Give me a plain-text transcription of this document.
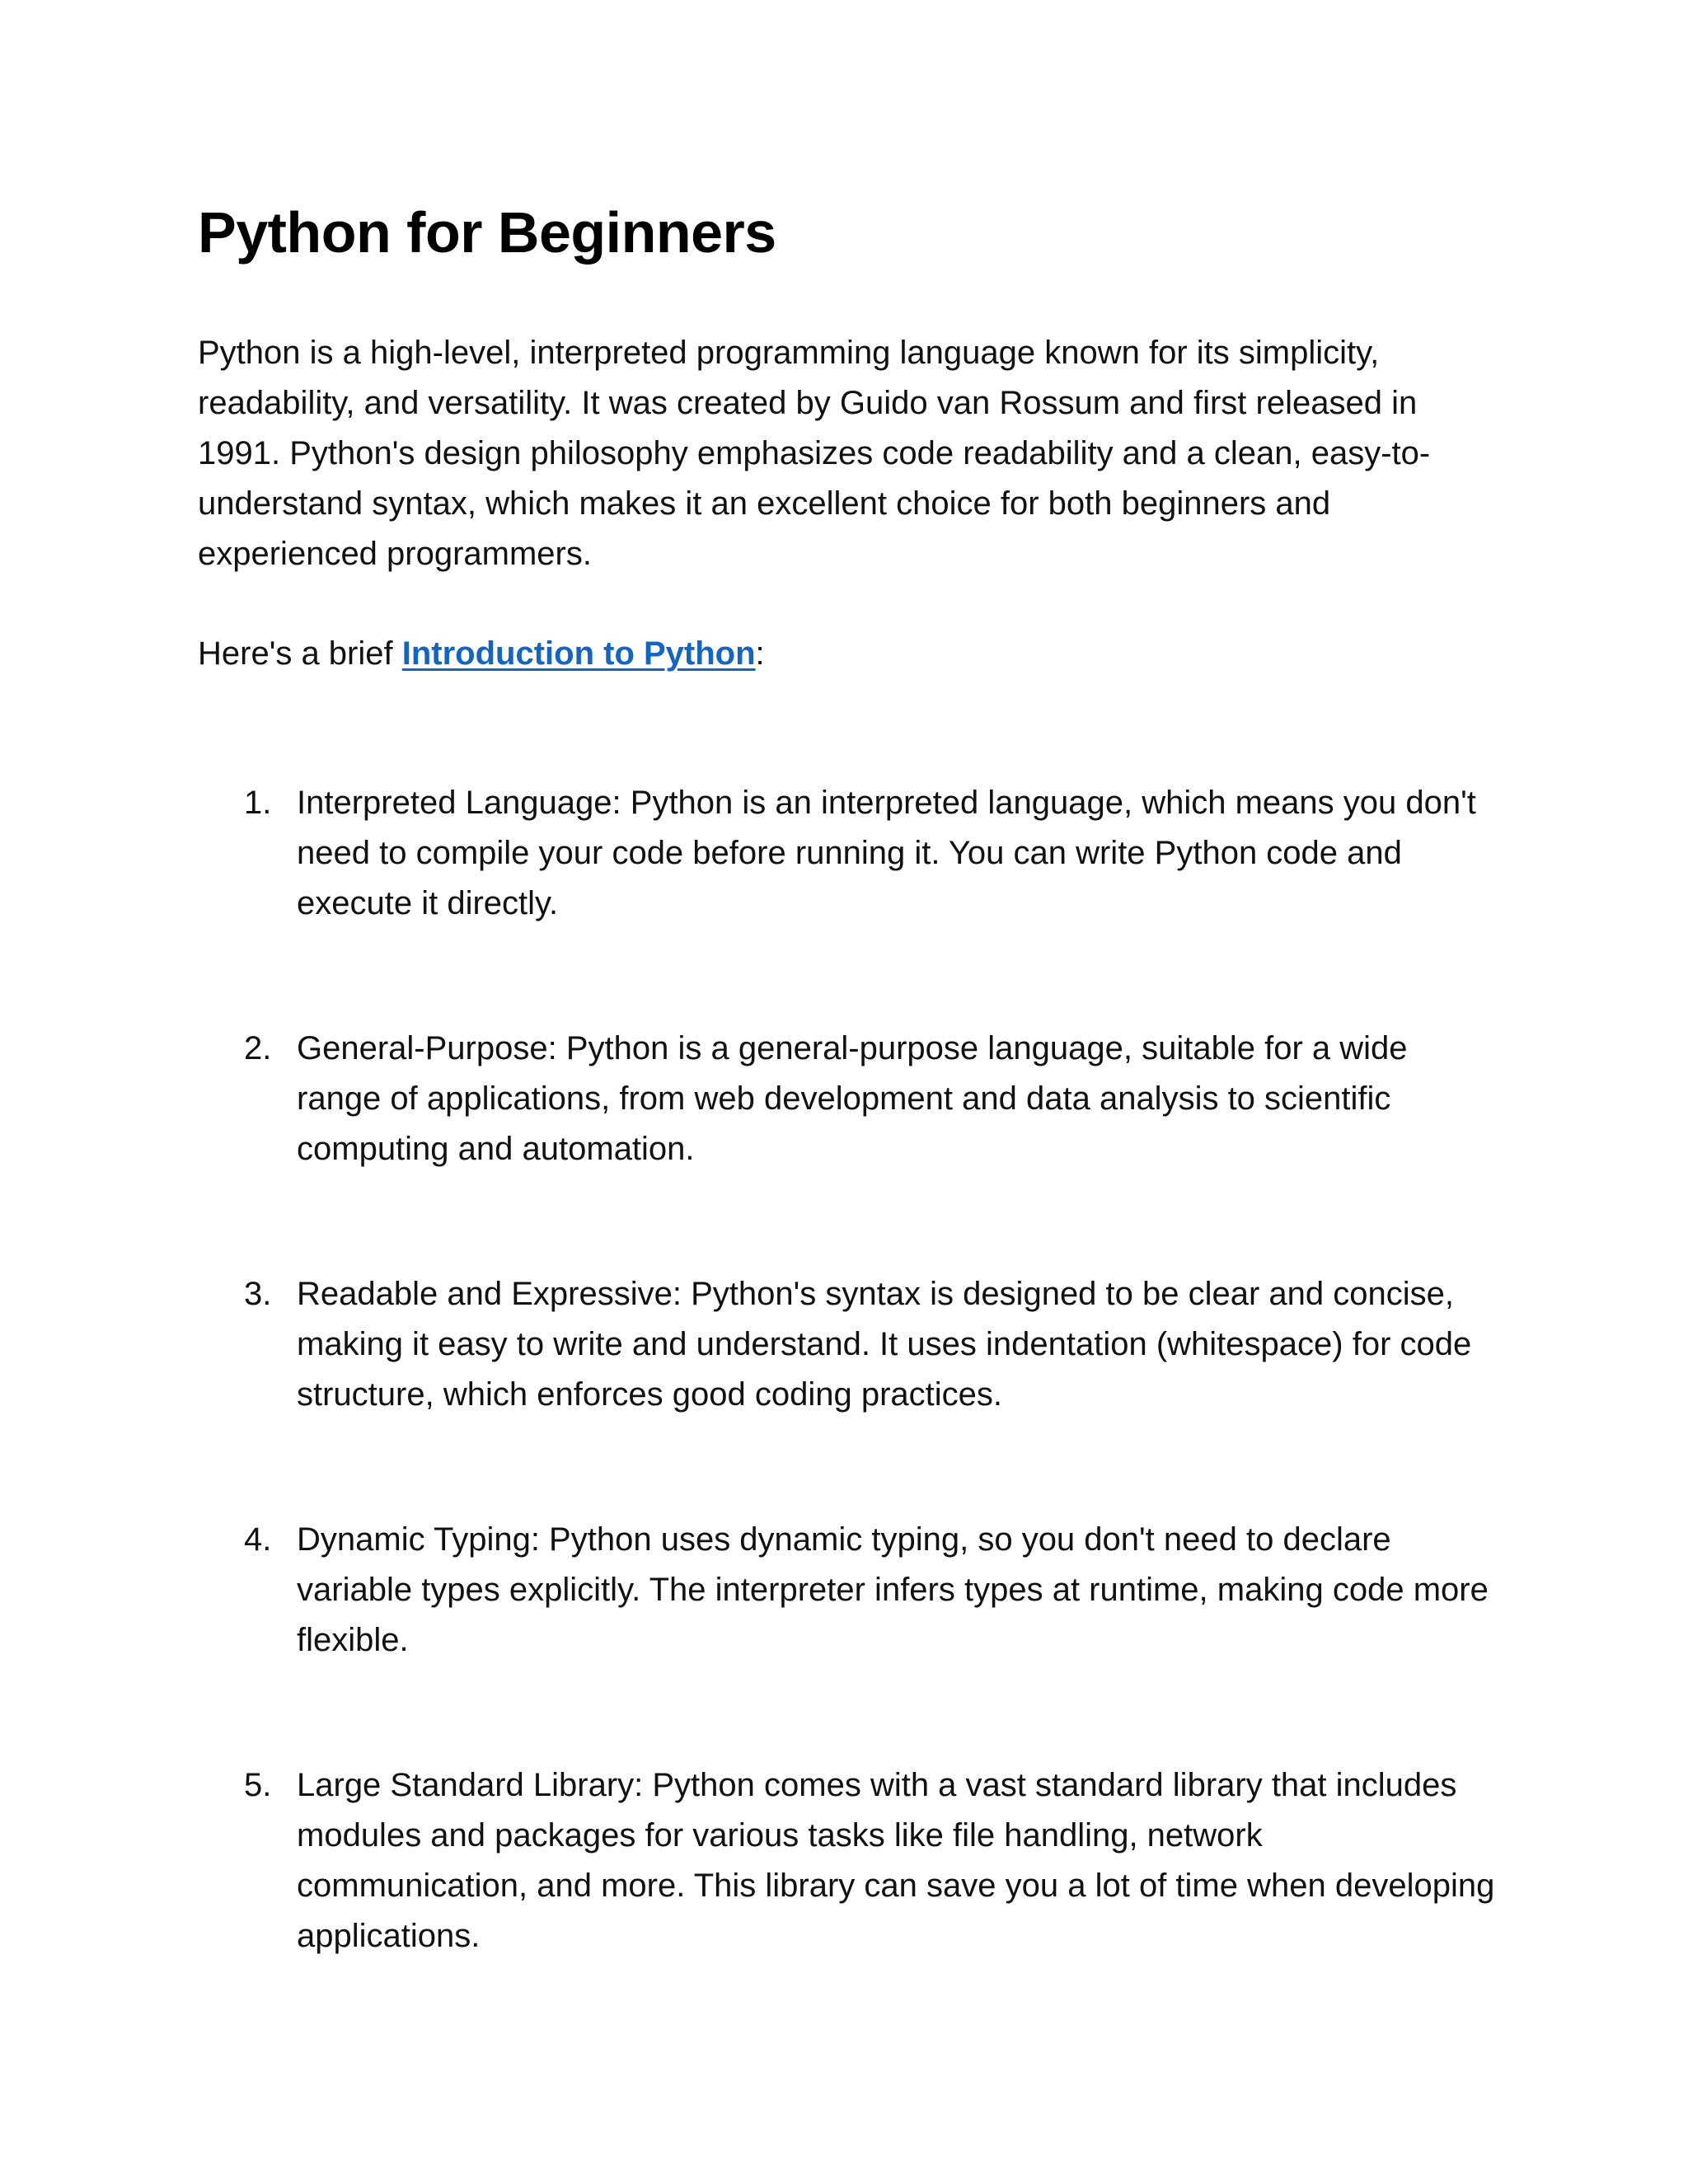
Python for Beginners

Python is a high-level, interpreted programming language known for its simplicity, readability, and versatility. It was created by Guido van Rossum and first released in 1991. Python's design philosophy emphasizes code readability and a clean, easy-to-understand syntax, which makes it an excellent choice for both beginners and experienced programmers.

Here's a brief Introduction to Python:
1. Interpreted Language: Python is an interpreted language, which means you don't need to compile your code before running it. You can write Python code and execute it directly.
2. General-Purpose: Python is a general-purpose language, suitable for a wide range of applications, from web development and data analysis to scientific computing and automation.
3. Readable and Expressive: Python's syntax is designed to be clear and concise, making it easy to write and understand. It uses indentation (whitespace) for code structure, which enforces good coding practices.
4. Dynamic Typing: Python uses dynamic typing, so you don't need to declare variable types explicitly. The interpreter infers types at runtime, making code more flexible.
5. Large Standard Library: Python comes with a vast standard library that includes modules and packages for various tasks like file handling, network communication, and more. This library can save you a lot of time when developing applications.
